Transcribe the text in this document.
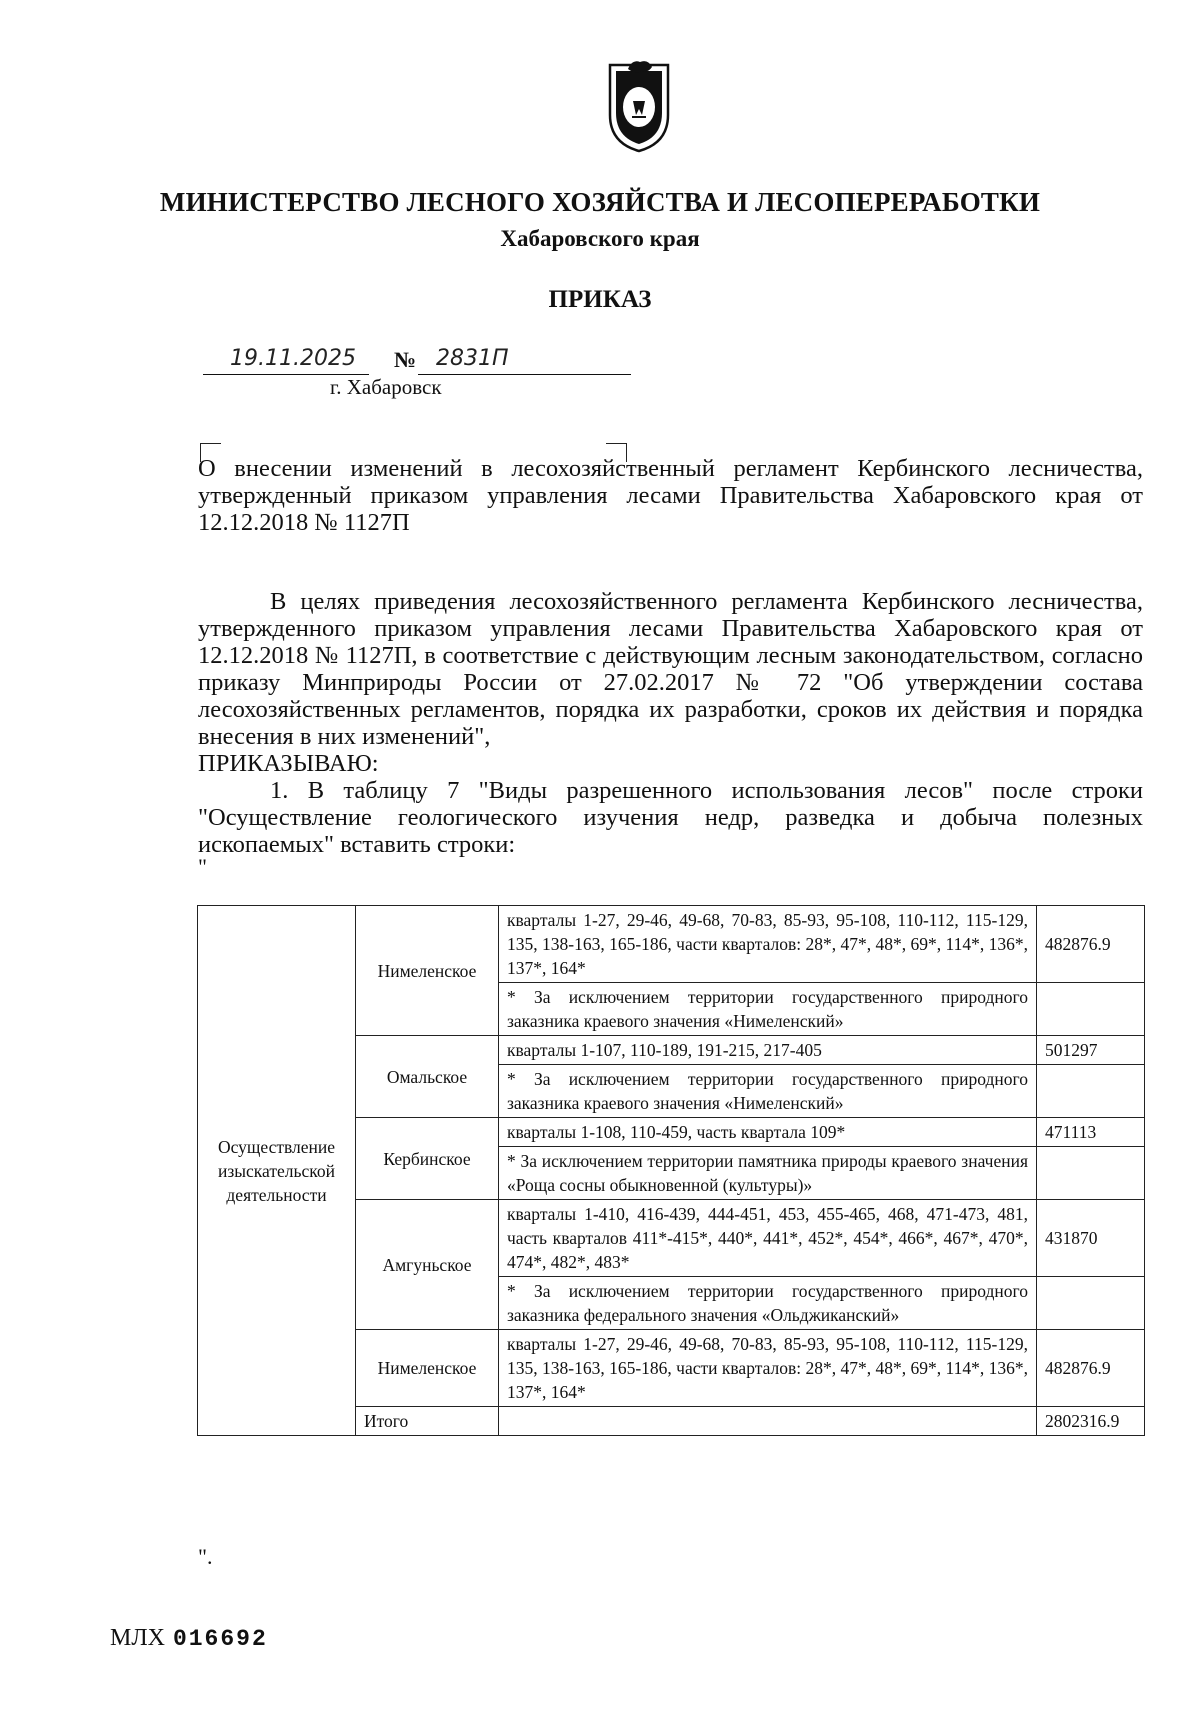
МИНИСТЕРСТВО ЛЕСНОГО ХОЗЯЙСТВА И ЛЕСОПЕРЕРАБОТКИ
Хабаровского края
ПРИКАЗ
19.11.2025 № 2831П
г. Хабаровск

О внесении изменений в лесохозяйственный регламент Кербинского лесничества, утвержденный приказом управления лесами Правительства Хабаровского края от 12.12.2018 № 1127П

В целях приведения лесохозяйственного регламента Кербинского лесничества, утвержденного приказом управления лесами Правительства Хабаровского края от 12.12.2018 № 1127П, в соответствие с действующим лесным законодательством, согласно приказу Минприроды России от 27.02.2017 № 72 "Об утверждении состава лесохозяйственных регламентов, порядка их разработки, сроков их действия и порядка внесения в них изменений",

ПРИКАЗЫВАЮ:

1. В таблицу 7 "Виды разрешенного использования лесов" после строки "Осуществление геологического изучения недр, разведка и добыча полезных ископаемых" вставить строки:

"

Осуществление изыскательской деятельности	Нимеленское	кварталы 1-27, 29-46, 49-68, 70-83, 85-93, 95-108, 110-112, 115-129, 135, 138-163, 165-186, части кварталов: 28*, 47*, 48*, 69*, 114*, 136*, 137*, 164*	482876.9
		* За исключением территории государственного природного заказника краевого значения «Нимеленский»	
	Омальское	кварталы 1-107, 110-189, 191-215, 217-405	501297
		* За исключением территории государственного природного заказника краевого значения «Нимеленский»	
	Кербинское	кварталы 1-108, 110-459, часть квартала 109*	471113
		* За исключением территории памятника природы краевого значения «Роща сосны обыкновенной (культуры)»	
	Амгуньское	кварталы 1-410, 416-439, 444-451, 453, 455-465, 468, 471-473, 481, часть кварталов 411*-415*, 440*, 441*, 452*, 454*, 466*, 467*, 470*, 474*, 482*, 483*	431870
		* За исключением территории государственного природного заказника федерального значения «Ольджиканский»	
	Нимеленское	кварталы 1-27, 29-46, 49-68, 70-83, 85-93, 95-108, 110-112, 115-129, 135, 138-163, 165-186, части кварталов: 28*, 47*, 48*, 69*, 114*, 136*, 137*, 164*	482876.9
	Итого		2802316.9
".
МЛХ 016692
